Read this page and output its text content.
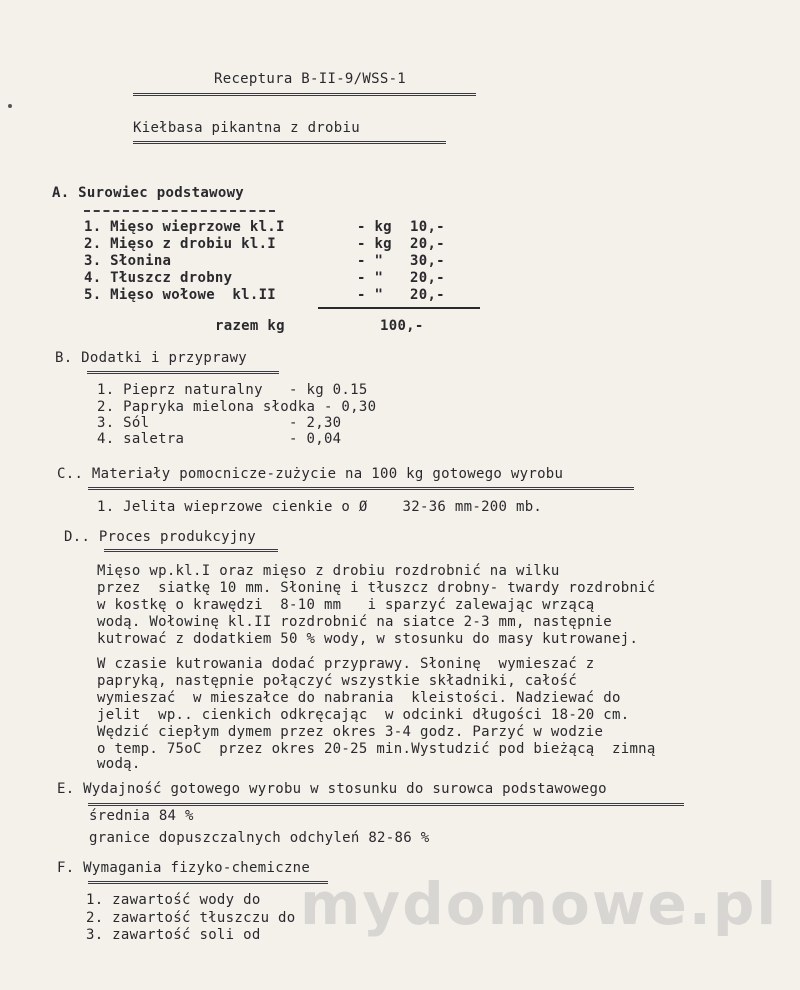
Receptura B-II-9/WSS-1
Kiełbasa pikantna z drobiu
A. Surowiec podstawowy
1. Mięso wieprzowe kl.I	- kg 10,-
2. Mięso z drobiu kl.I	- kg 20,-
3. Słonina	- " 30,-
4. Tłuszcz drobny	- " 20,-
5. Mięso wołowe  kl.II	- " 20,-
razem kg	100,-
B. Dodatki i przyprawy
1. Pieprz naturalny   - kg 0.15
2. Papryka mielona słodka - 0,30
3. Sól                - 2,30
4. saletra            - 0,04
C.. Materiały pomocnicze-zużycie na 100 kg gotowego wyrobu
1. Jelita wieprzowe cienkie o Ø    32-36 mm-200 mb.
D.. Proces produkcyjny
Mięso wp.kl.I oraz mięso z drobiu rozdrobnić na wilku
przez  siatkę 10 mm. Słoninę i tłuszcz drobny- twardy rozdrobnić
w kostkę o krawędzi  8-10 mm   i sparzyć zalewając wrzącą
wodą. Wołowinę kl.II rozdrobnić na siatce 2-3 mm, następnie
kutrować z dodatkiem 50 % wody, w stosunku do masy kutrowanej.
W czasie kutrowania dodać przyprawy. Słoninę  wymieszać z
papryką, następnie połączyć wszystkie składniki, całość
wymieszać  w mieszałce do nabrania  kleistości. Nadziewać do
jelit  wp.. cienkich odkręcając  w odcinki długości 18-20 cm.
Wędzić ciepłym dymem przez okres 3-4 godz. Parzyć w wodzie
o temp. 75oC  przez okres 20-25 min.Wystudzić pod bieżącą  zimną
wodą.
E. Wydajność gotowego wyrobu w stosunku do surowca podstawowego
średnia 84 %
granice dopuszczalnych odchyleń 82-86 %
F. Wymagania fizyko-chemiczne
1. zawartość wody do
2. zawartość tłuszczu do
3. zawartość soli od mydomowe.pl
